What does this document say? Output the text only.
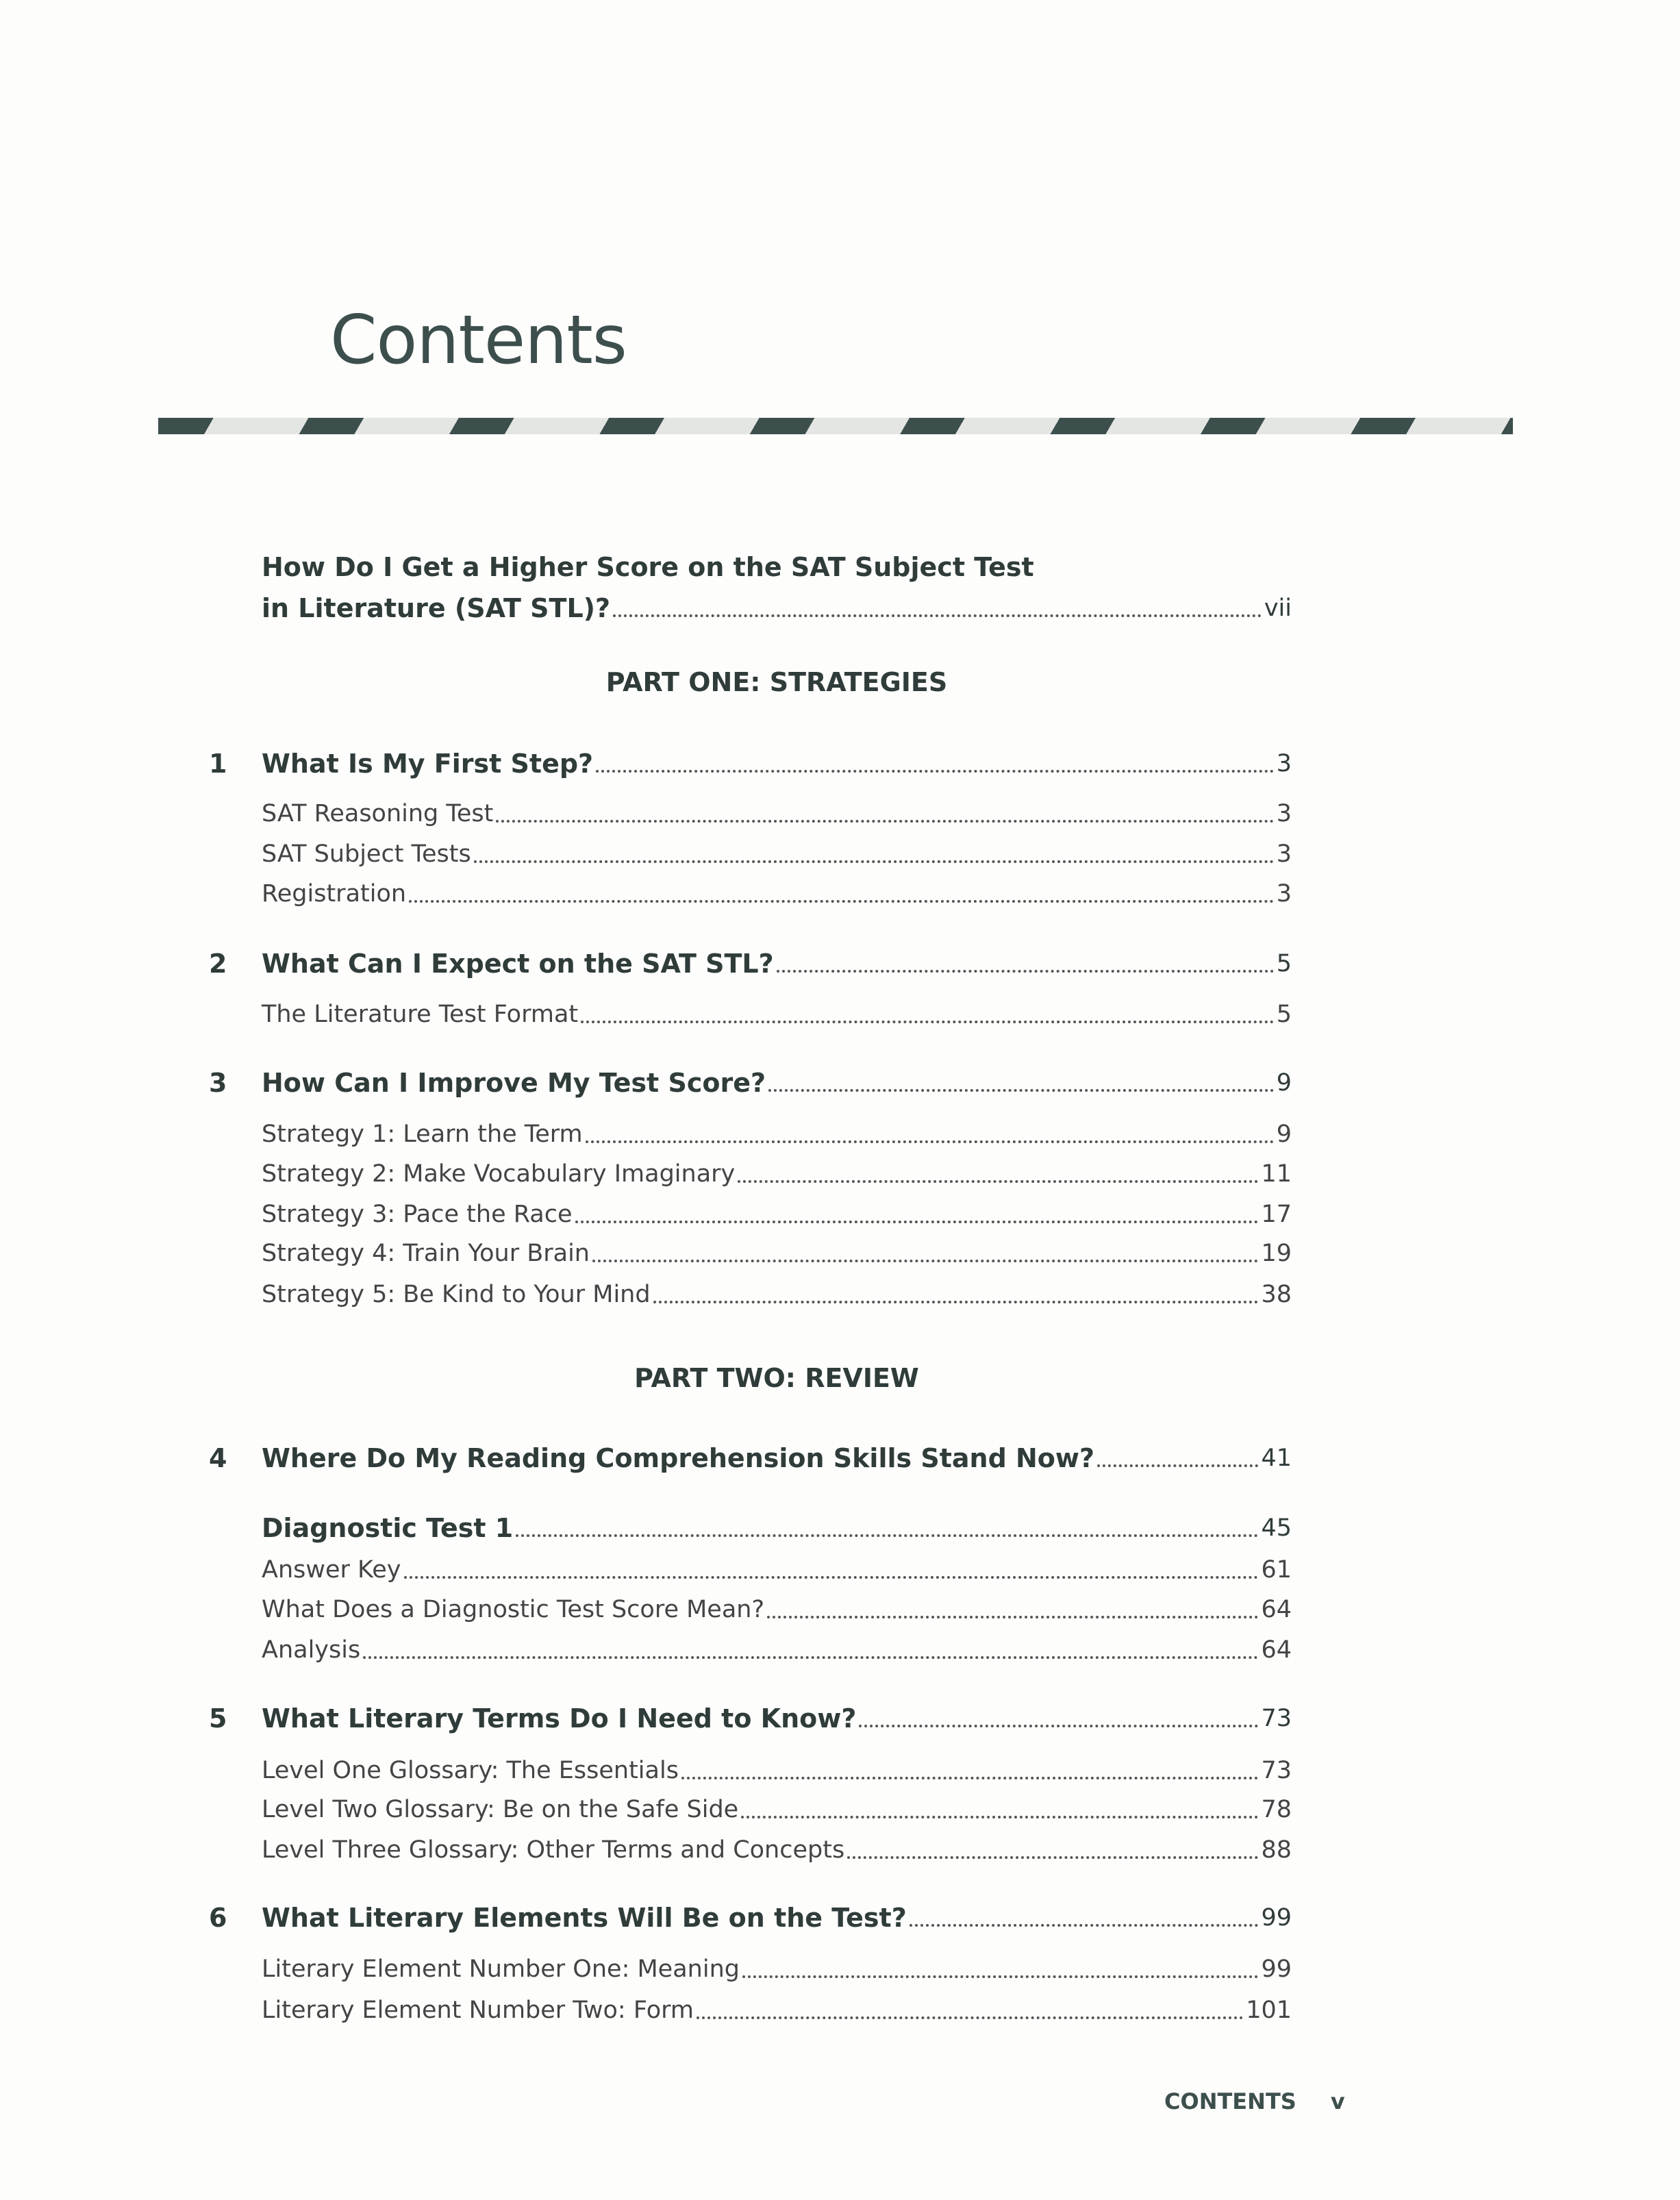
Contents
How Do I Get a Higher Score on the SAT Subject Test
in Literature (SAT STL)?	vii
PART ONE: STRATEGIES
PART TWO: REVIEW
1 What Is My First Step?	3
SAT Reasoning Test	3
SAT Subject Tests	3
Registration	3
2 What Can I Expect on the SAT STL?	5
The Literature Test Format	5
3 How Can I Improve My Test Score?	9
Strategy 1: Learn the Term	9
Strategy 2: Make Vocabulary Imaginary	11
Strategy 3: Pace the Race	17
Strategy 4: Train Your Brain	19
Strategy 5: Be Kind to Your Mind	38
4 Where Do My Reading Comprehension Skills Stand Now?	41
Diagnostic Test 1	45
Answer Key	61
What Does a Diagnostic Test Score Mean?	64
Analysis	64
5 What Literary Terms Do I Need to Know?	73
Level One Glossary: The Essentials	73
Level Two Glossary: Be on the Safe Side	78
Level Three Glossary: Other Terms and Concepts	88
6 What Literary Elements Will Be on the Test?	99
Literary Element Number One: Meaning	99
Literary Element Number Two: Form	101
CONTENTS v
